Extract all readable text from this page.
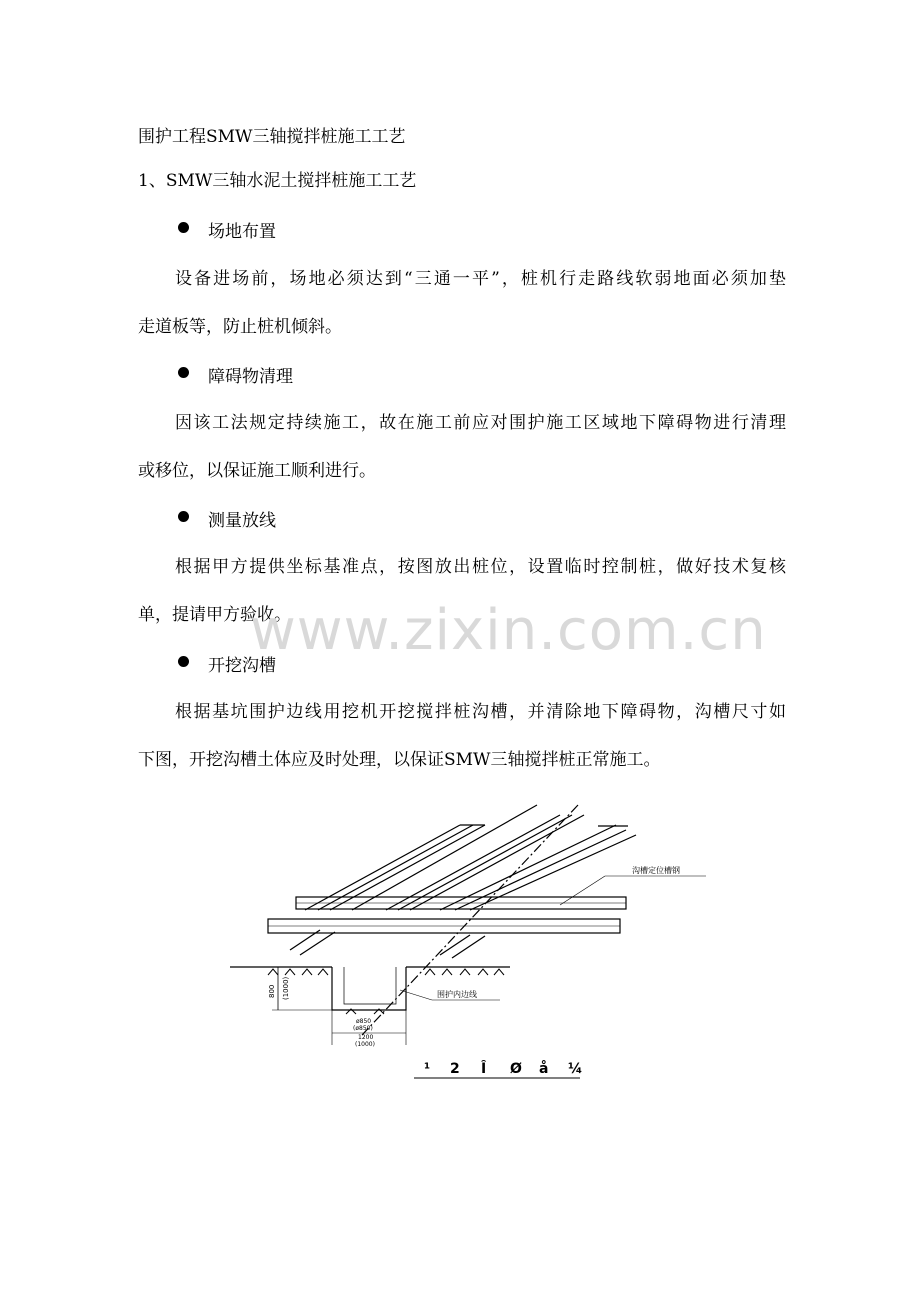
围护工程SMW三轴搅拌桩施工工艺
1、SMW三轴水泥土搅拌桩施工工艺
场地布置
设备进场前，场地必须达到“三通一平”，桩机行走路线软弱地面必须加垫
走道板等，防止桩机倾斜。
障碍物清理
因该工法规定持续施工，故在施工前应对围护施工区域地下障碍物进行清理
或移位，以保证施工顺利进行。
测量放线
根据甲方提供坐标基准点，按图放出桩位，设置临时控制桩，做好技术复核
单，提请甲方验收。
开挖沟槽
根据基坑围护边线用挖机开挖搅拌桩沟槽，并清除地下障碍物，沟槽尺寸如
下图，开挖沟槽土体应及时处理，以保证SMW三轴搅拌桩正常施工。
www.zixin.com.cn
沟槽定位槽钢
围护内边线
800 (1000)
ø850
(ø850)
1200
(1000)
¹ 2 Ȋ Ø å ¼
